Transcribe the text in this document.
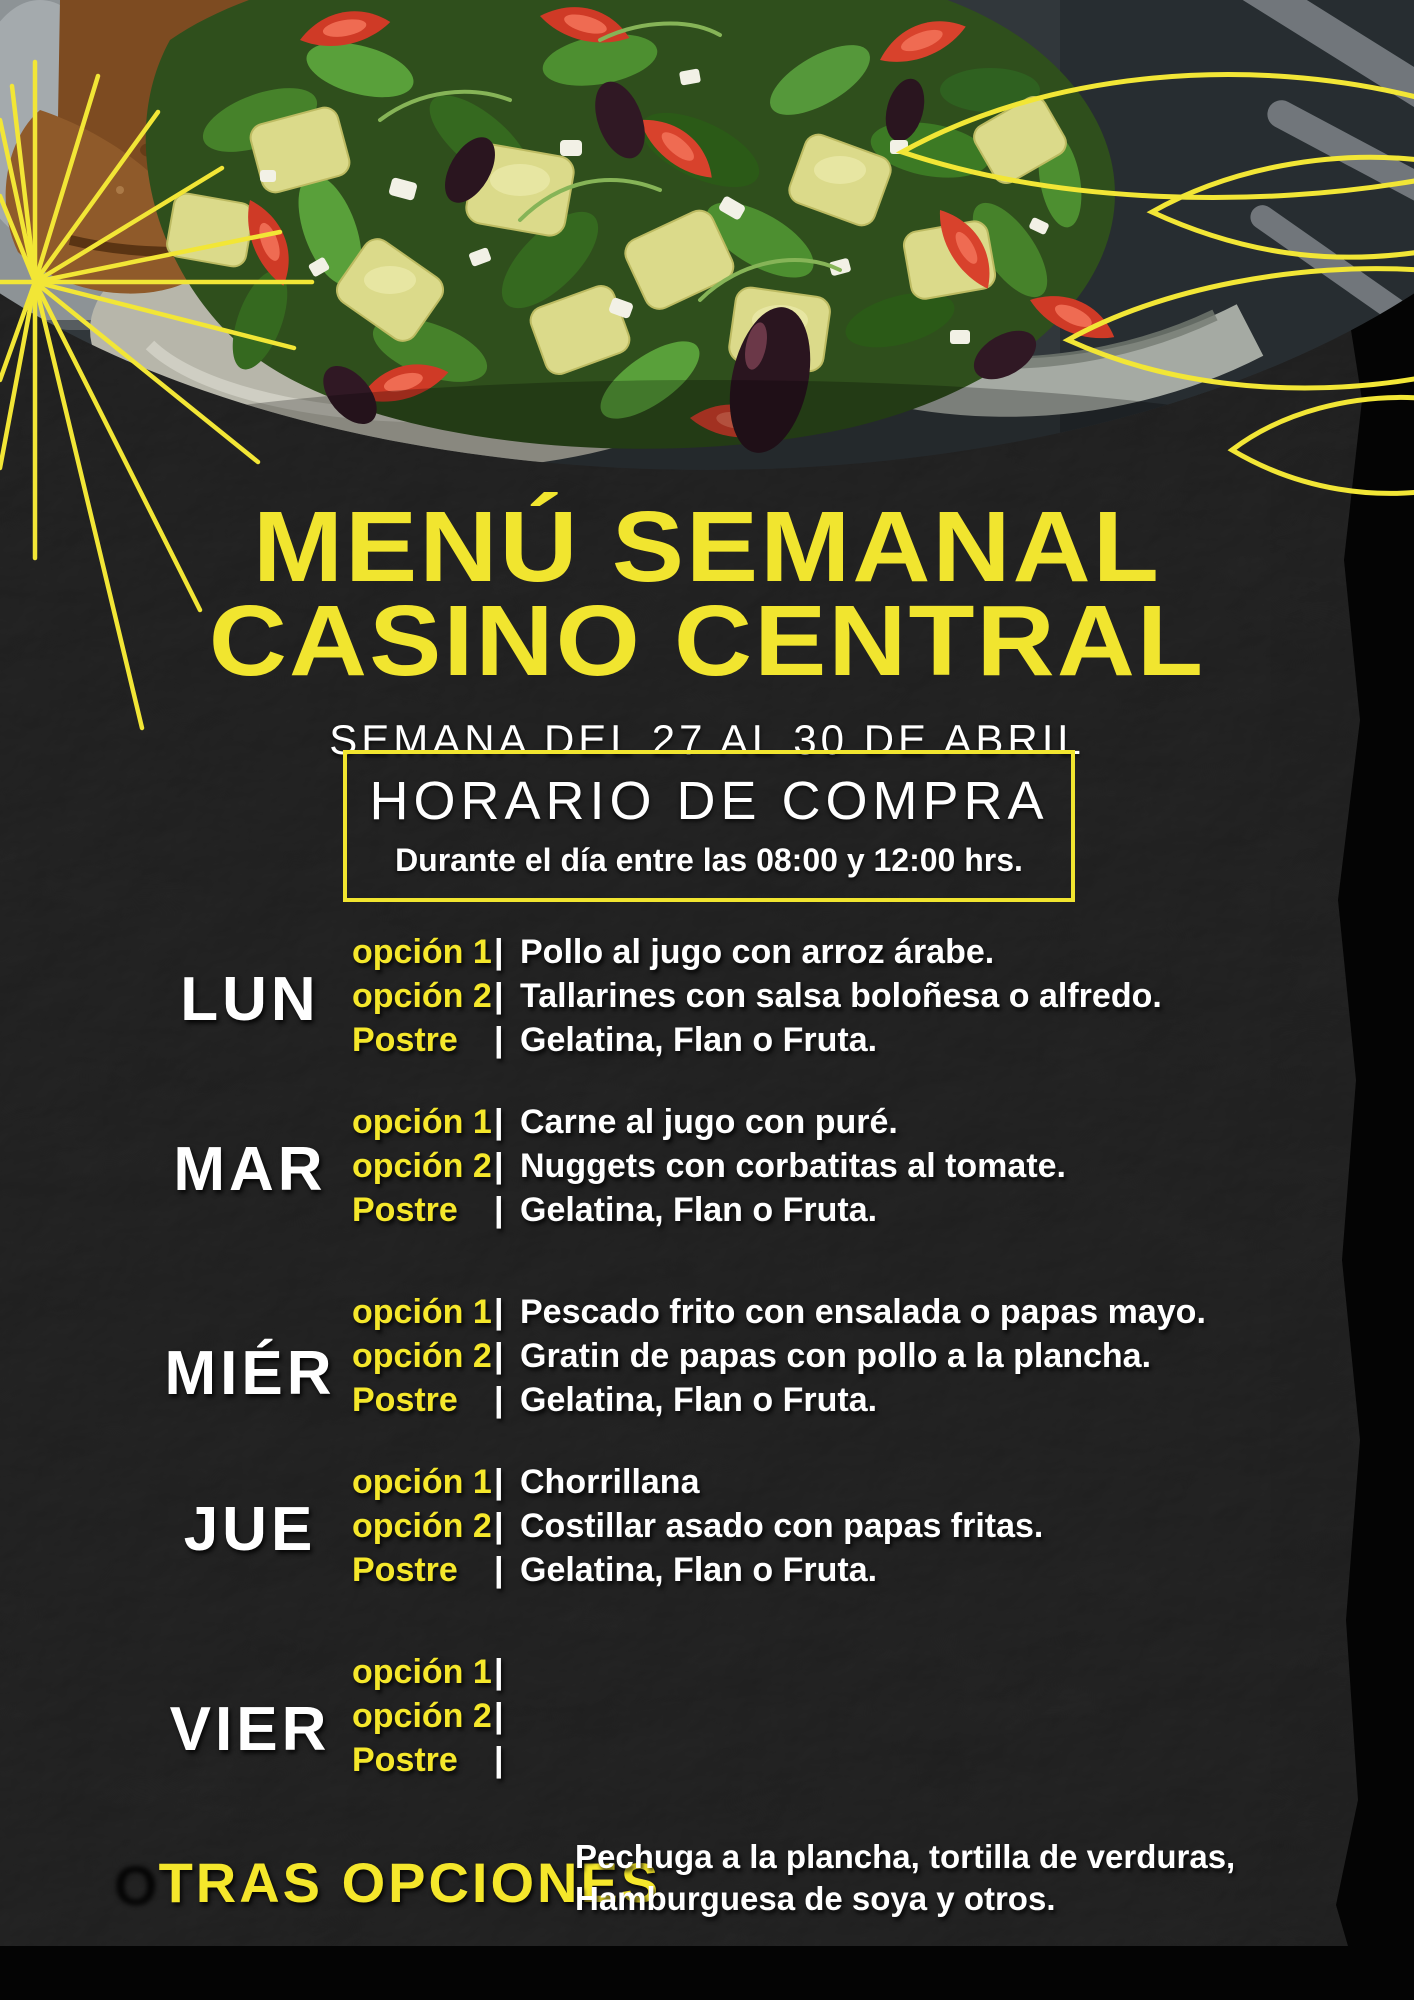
MENÚ SEMANAL
CASINO CENTRAL
SEMANA DEL 27 AL 30 DE ABRIL
HORARIO DE COMPRA
Durante el día entre las 08:00 y 12:00 hrs.
LUN
opción 1 | Pollo al jugo con arroz árabe.
opción 2 | Tallarines con salsa boloñesa o alfredo.
Postre	| Gelatina, Flan o Fruta.
MAR
opción 1 | Carne al jugo con puré.
opción 2 | Nuggets con corbatitas al tomate.
Postre	| Gelatina, Flan o Fruta.
MIÉR
opción 1 | Pescado frito con ensalada o papas mayo.
opción 2 | Gratin de papas con pollo a la plancha.
Postre	| Gelatina, Flan o Fruta.
JUE
opción 1 | Chorrillana
opción 2 | Costillar asado con papas fritas.
Postre	| Gelatina, Flan o Fruta.
VIER
opción 1 |
opción 2 |
Postre	|
OTRAS OPCIONES
Pechuga a la plancha, tortilla de verduras,
Hamburguesa de soya y otros.
